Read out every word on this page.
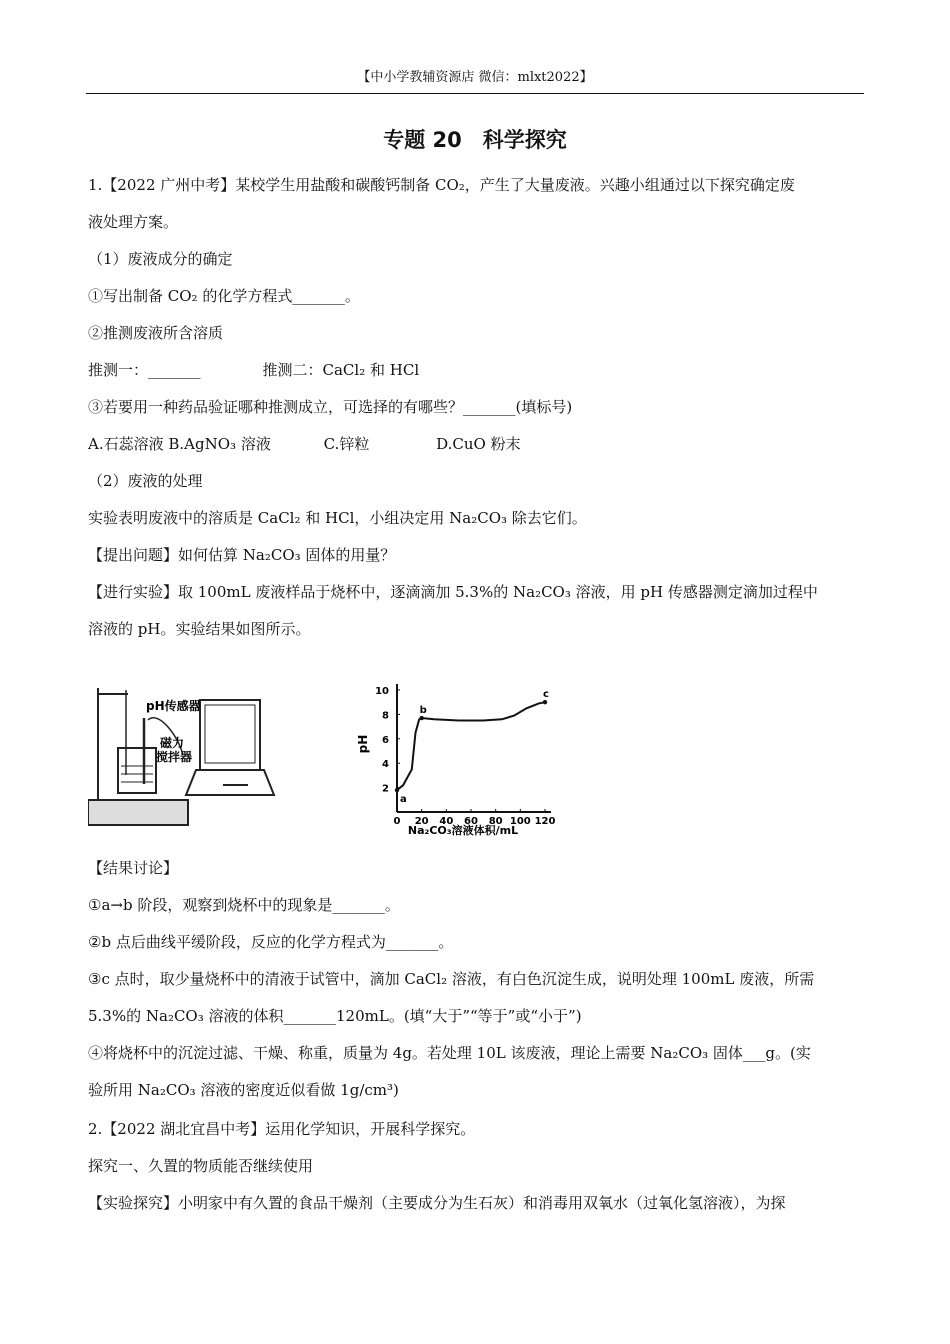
【中小学教辅资源店 微信：mlxt2022】
专题 20　科学探究
1.【2022 广州中考】某校学生用盐酸和碳酸钙制备 CO₂，产生了大量废液。兴趣小组通过以下探究确定废
液处理方案。
（1）废液成分的确定
①写出制备 CO₂ 的化学方程式_______。
②推测废液所含溶质
推测一：_______	推测二：CaCl₂ 和 HCl
③若要用一种药品验证哪种推测成立，可选择的有哪些？_______(填标号)
A.石蕊溶液 B.AgNO₃ 溶液	C.锌粒	D.CuO 粉末
（2）废液的处理
实验表明废液中的溶质是 CaCl₂ 和 HCl，小组决定用 Na₂CO₃ 除去它们。
【提出问题】如何估算 Na₂CO₃ 固体的用量？
【进行实验】取 100mL 废液样品于烧杯中，逐滴滴加 5.3%的 Na₂CO₃ 溶液，用 pH 传感器测定滴加过程中
溶液的 pH。实验结果如图所示。
pH传感器
磁力
搅拌器
0 20 40 60 80 100 120
2
4
6
8
10
a
b
c
Na₂CO₃溶液体积/mL
pH
【结果讨论】
①a→b 阶段，观察到烧杯中的现象是_______。
②b 点后曲线平缓阶段，反应的化学方程式为_______。
③c 点时，取少量烧杯中的清液于试管中，滴加 CaCl₂ 溶液，有白色沉淀生成，说明处理 100mL 废液，所需
5.3%的 Na₂CO₃ 溶液的体积_______120mL。(填“大于”“等于”或“小于”)
④将烧杯中的沉淀过滤、干燥、称重，质量为 4g。若处理 10L 该废液，理论上需要 Na₂CO₃ 固体___g。(实
验所用 Na₂CO₃ 溶液的密度近似看做 1g/cm³)
2.【2022 湖北宜昌中考】运用化学知识，开展科学探究。
探究一、久置的物质能否继续使用
【实验探究】小明家中有久置的食品干燥剂（主要成分为生石灰）和消毒用双氧水（过氧化氢溶液），为探
